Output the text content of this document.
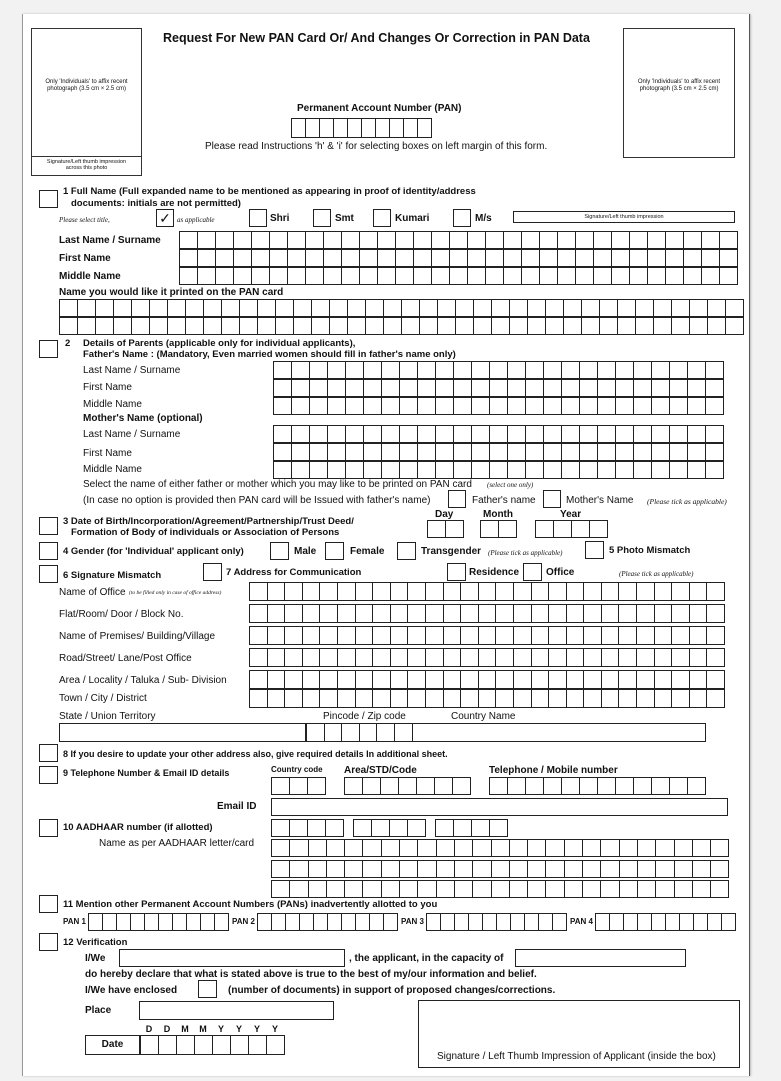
Only 'Individuals' to affix recent photograph (3.5 cm × 2.5 cm)
Signature/Left thumb impression across this photo
Only 'Individuals' to affix recent photograph (3.5 cm × 2.5 cm)
Signature/Left thumb impression
Request For New PAN Card Or/ And Changes Or Correction in PAN Data
Permanent Account Number (PAN)
Please read Instructions 'h' & 'i' for selecting boxes on left margin of this form.
1 Full Name (Full expanded name to be mentioned as appearing in proof of identity/address
documents: initials are not permitted)
Please select title,	✓ as applicable	Shri	Smt	Kumari	M/s
Last Name / Surname
First Name
Middle Name
Name you would like it printed on the PAN card
2 Details of Parents (applicable only for individual applicants),
Father's Name : (Mandatory, Even married women should fill in father's name only)
Last Name / Surname
First Name
Middle Name
Mother's Name (optional)
Last Name / Surname
First Name
Middle Name
Select the name of either father or mother which you may like to be printed on PAN card (select one only)
(In case no option is provided then PAN card will be Issued with father's name)	Father's name	Mother's Name (Please tick as applicable)
3 Date of Birth/Incorporation/Agreement/Partnership/Trust Deed/
Formation of Body of individuals or Association of Persons
Day	Month	Year
4 Gender (for 'Individual' applicant only)	Male	Female	Transgender (Please tick as applicable)	5 Photo Mismatch
6 Signature Mismatch	7 Address for Communication	Residence	Office	(Please tick as applicable)
Name of Office (to be filled only in case of office address)
Flat/Room/ Door / Block No.
Name of Premises/ Building/Village
Road/Street/ Lane/Post Office
Area / Locality / Taluka / Sub- Division
Town / City / District
State / Union Territory	Pincode / Zip code	Country Name
8 If you desire to update your other address also, give required details In additional sheet.
9 Telephone Number & Email ID details	Country code Area/STD/Code	Telephone / Mobile number
Email ID
10 AADHAAR number (if allotted)
Name as per AADHAAR letter/card
11 Mention other Permanent Account Numbers (PANs) inadvertently allotted to you
PAN 1	PAN 2	PAN 3	PAN 4
12 Verification
I/We	, the applicant, in the capacity of
do hereby declare that what is stated above is true to the best of my/our information and belief.
I/We have enclosed	(number of documents) in support of proposed changes/corrections.
Place
D	D	M	M	Y	Y	Y	Y
Date
Signature / Left Thumb Impression of Applicant (inside the box)
